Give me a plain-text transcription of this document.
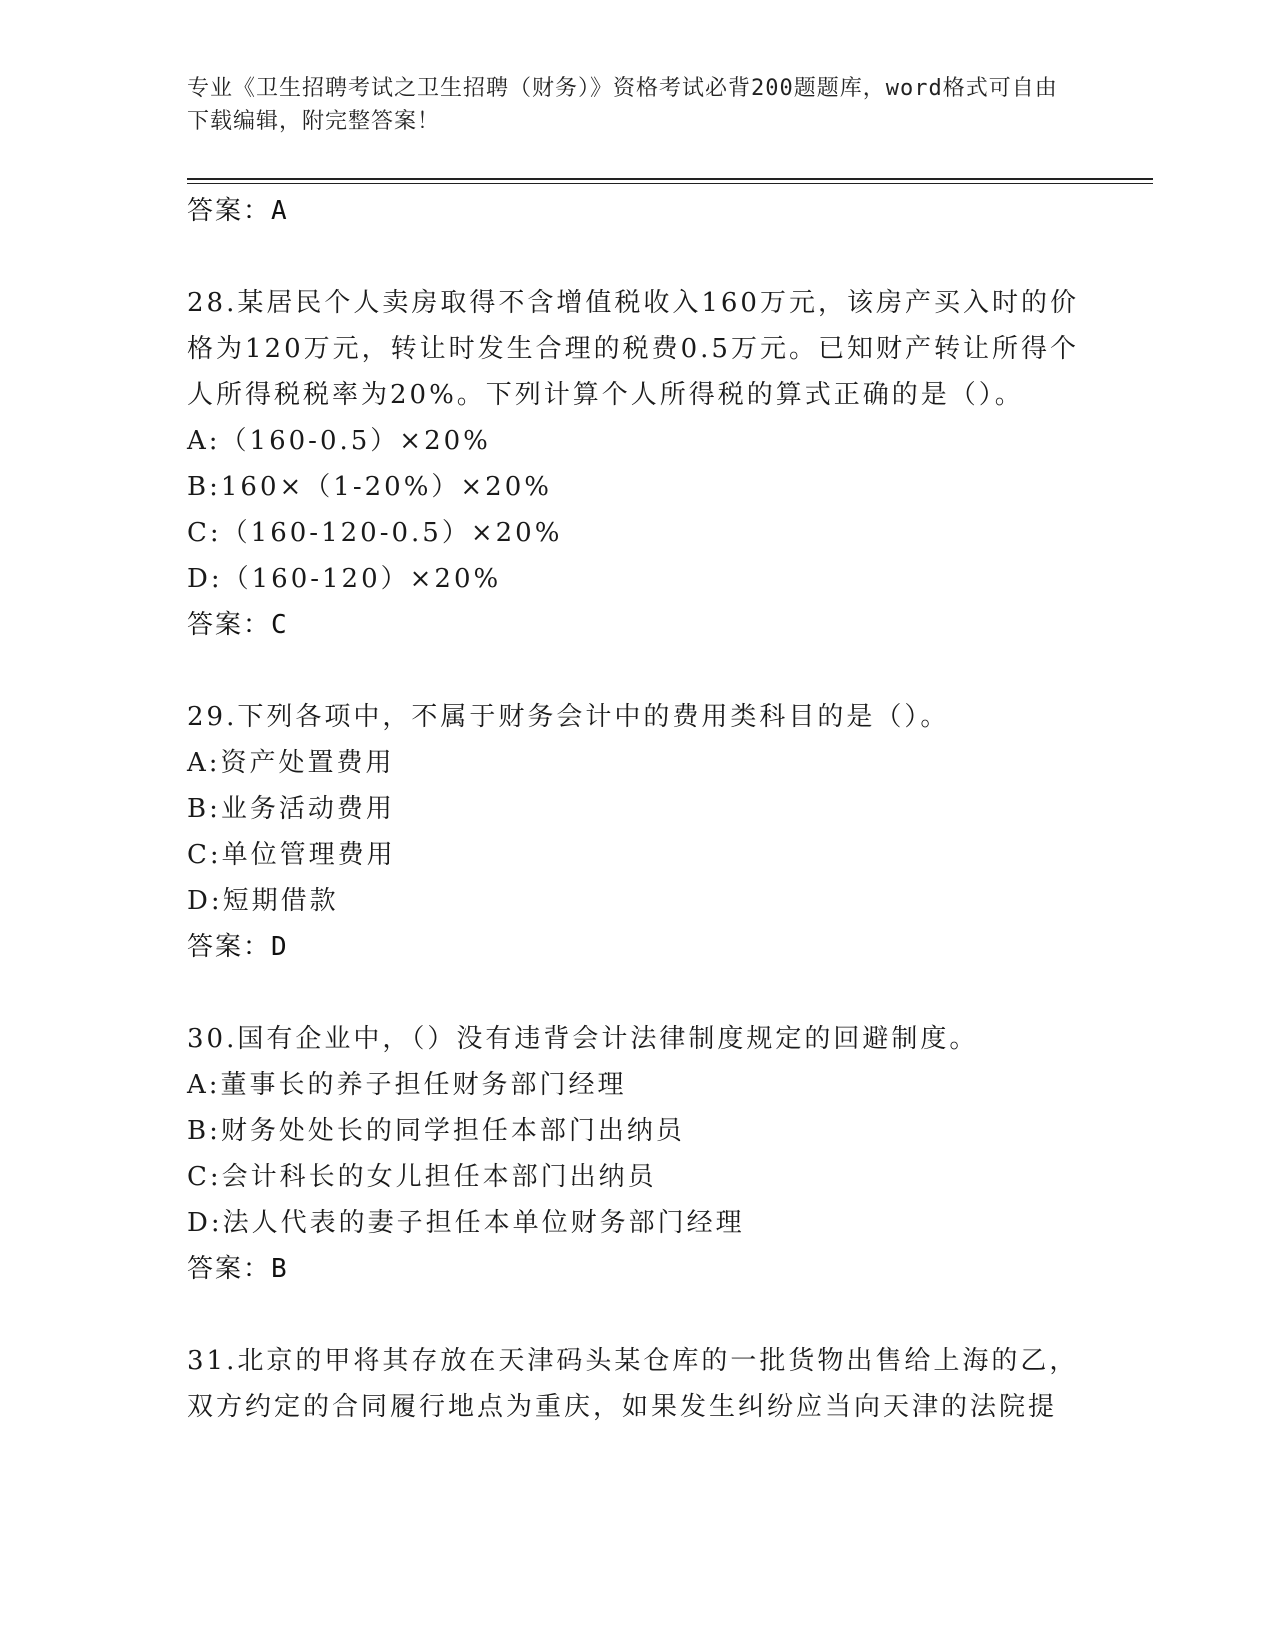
专业《卫生招聘考试之卫生招聘（财务）》资格考试必背200题题库，word格式可自由下载编辑，附完整答案！
答案：A
28.某居民个人卖房取得不含增值税收入160万元，该房产买入时的价格为120万元，转让时发生合理的税费0.5万元。已知财产转让所得个人所得税税率为20%。下列计算个人所得税的算式正确的是（）。
A:（160-0.5）×20%
B:160×（1-20%）×20%
C:（160-120-0.5）×20%
D:（160-120）×20%
答案：C
29.下列各项中，不属于财务会计中的费用类科目的是（）。
A:资产处置费用
B:业务活动费用
C:单位管理费用
D:短期借款
答案：D
30.国有企业中，（）没有违背会计法律制度规定的回避制度。
A:董事长的养子担任财务部门经理
B:财务处处长的同学担任本部门出纳员
C:会计科长的女儿担任本部门出纳员
D:法人代表的妻子担任本单位财务部门经理
答案：B
31.北京的甲将其存放在天津码头某仓库的一批货物出售给上海的乙，双方约定的合同履行地点为重庆，如果发生纠纷应当向天津的法院提
